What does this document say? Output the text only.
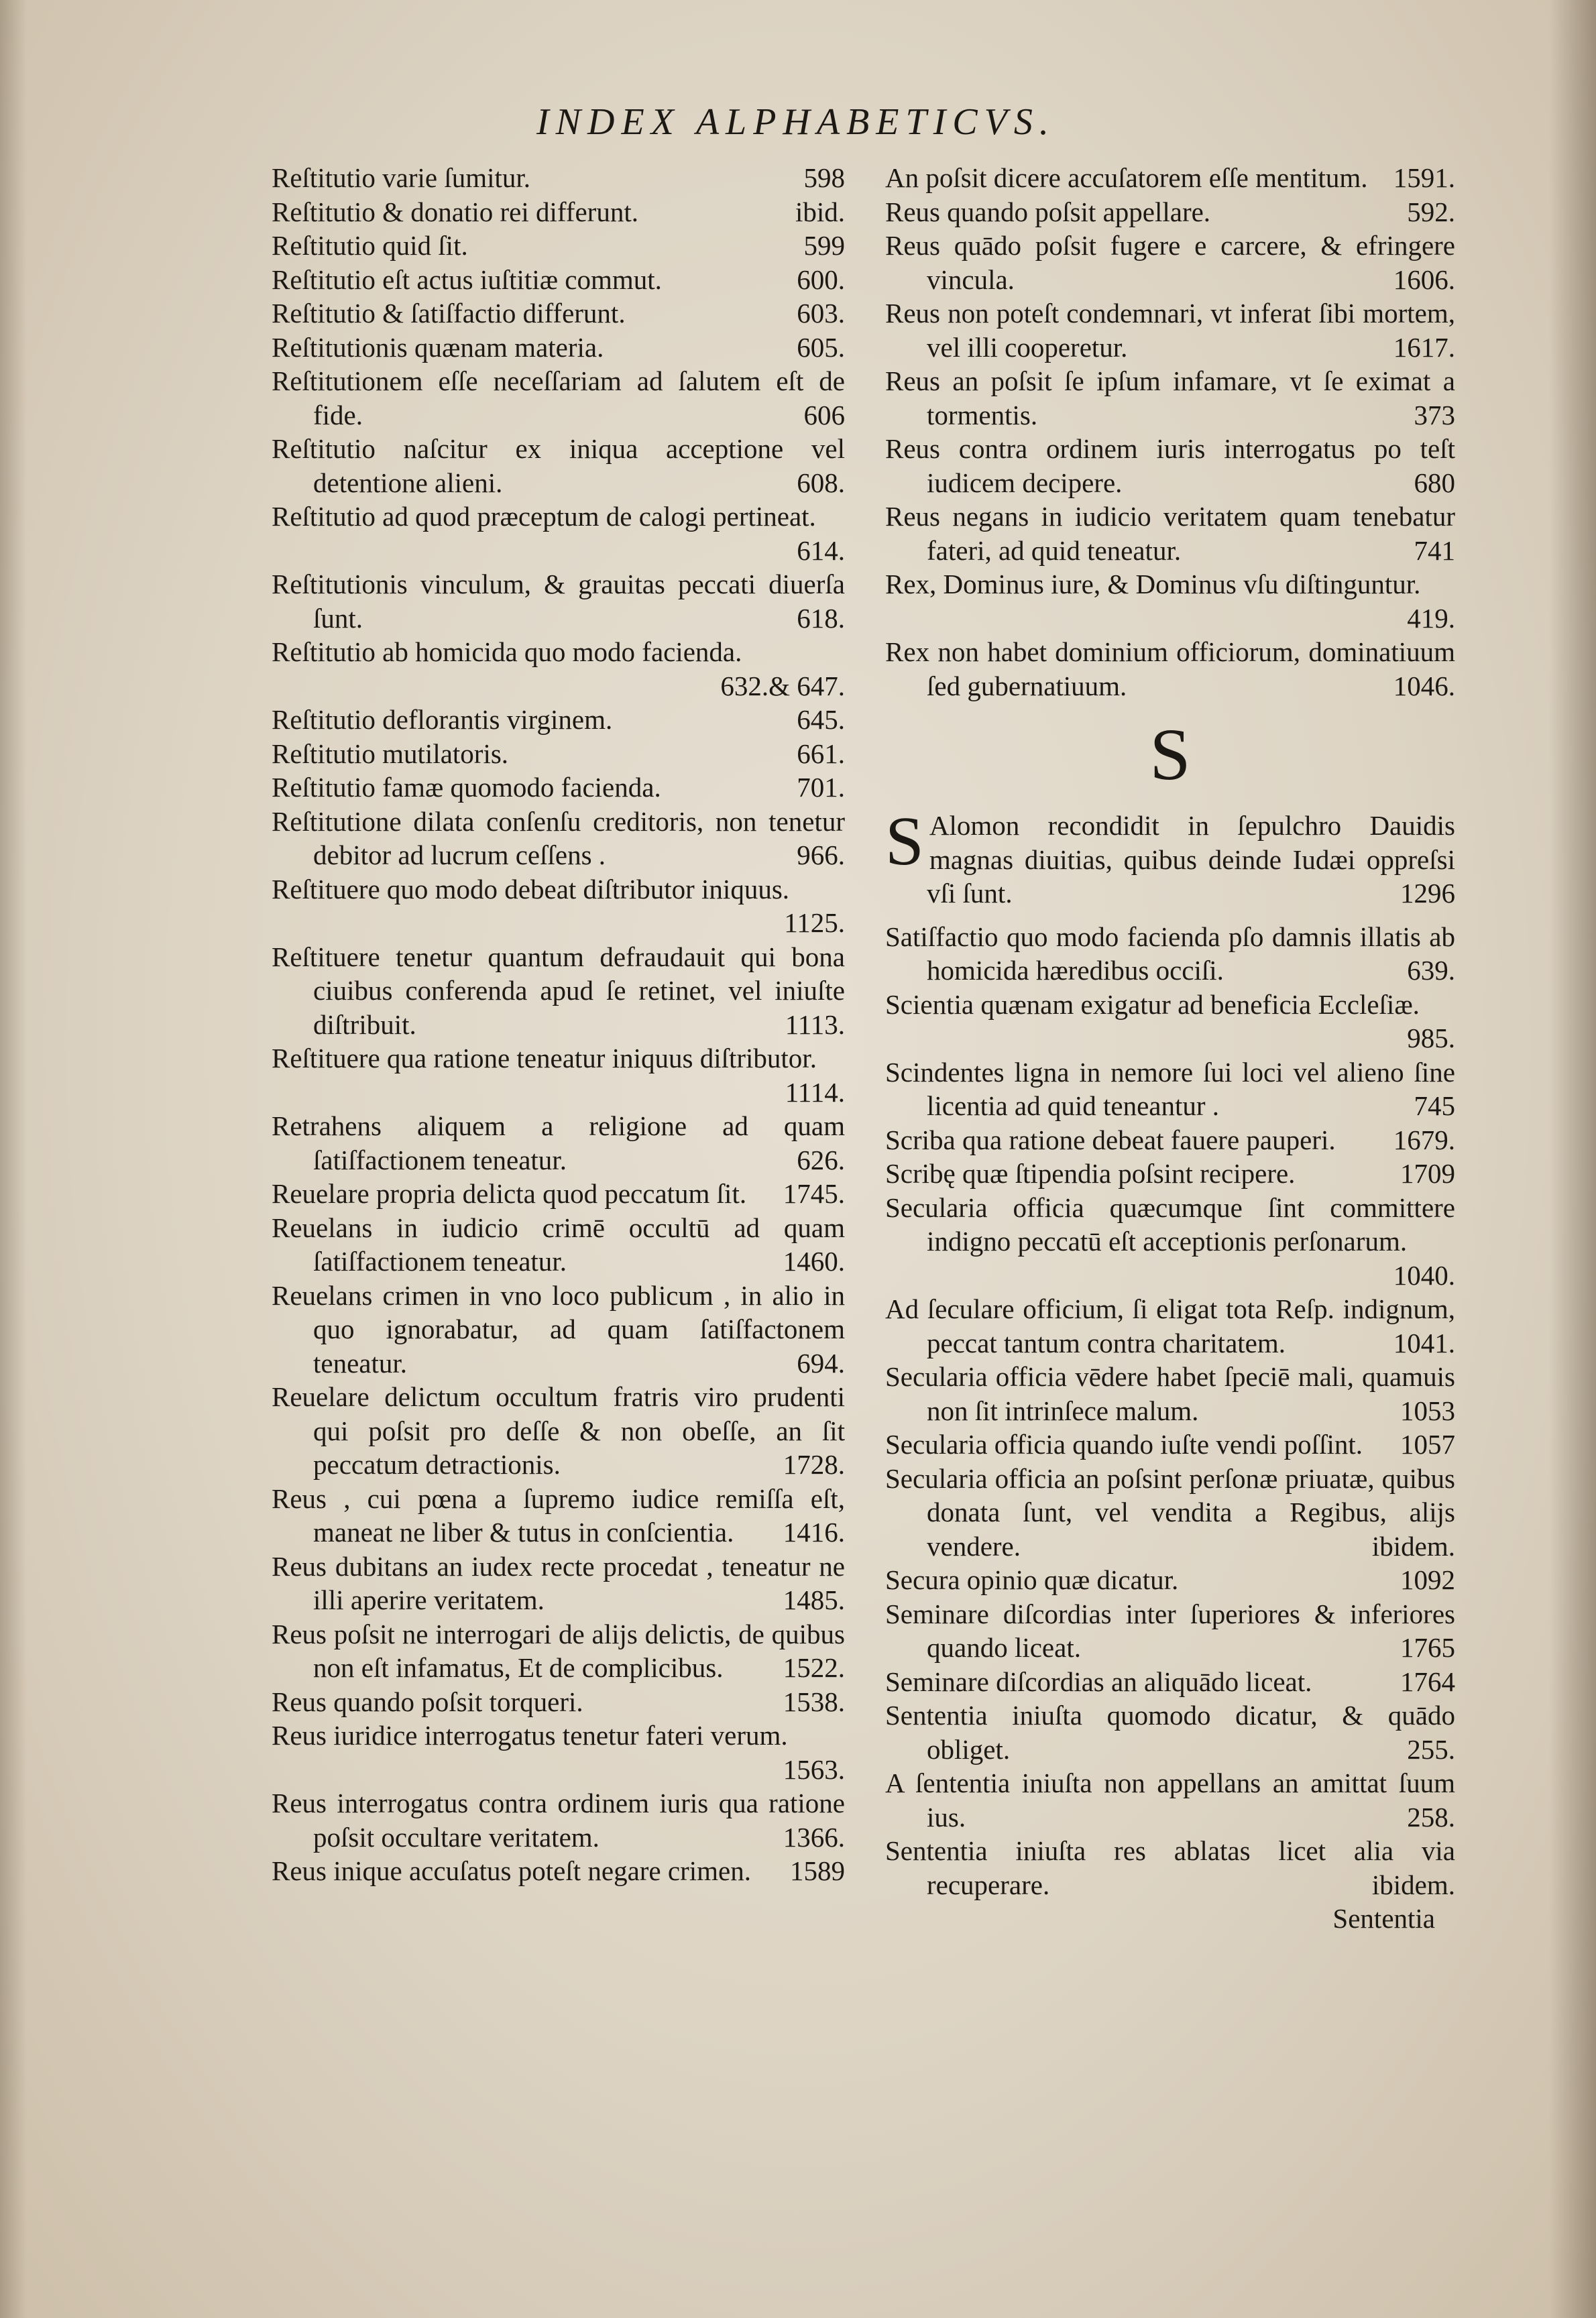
INDEX ALPHABETICVS.
Reſtitutio varie ſumitur.	598
Reſtitutio & donatio rei differunt.	ibid.
Reſtitutio quid ſit.	599
Reſtitutio eſt actus iuſtitiæ commut.	600.
Reſtitutio & ſatiſfactio differunt.	603.
Reſtitutionis quænam materia.	605.
Reſtitutionem eſſe neceſſariam ad ſalutem eſt de fide.	606
Reſtitutio naſcitur ex iniqua acceptione vel detentione alieni.	608.
Reſtitutio ad quod præceptum de calogi pertineat.
614.
Reſtitutionis vinculum, & grauitas peccati diuerſa ſunt.	618.
Reſtitutio ab homicida quo modo facienda.
632.& 647.
Reſtitutio deflorantis virginem.	645.
Reſtitutio mutilatoris.	661.
Reſtitutio famæ quomodo facienda.	701.
Reſtitutione dilata conſenſu creditoris, non tenetur debitor ad lucrum ceſſens .	966.
Reſtituere quo modo debeat diſtributor iniquus.
1125.
Reſtituere tenetur quantum defraudauit qui bona ciuibus conferenda apud ſe retinet, vel iniuſte diſtribuit.	1113.
Reſtituere qua ratione teneatur iniquus diſtributor.
1114.
Retrahens aliquem a religione ad quam ſatiſfactionem teneatur.	626.
Reuelare propria delicta quod peccatum ſit.	1745.
Reuelans in iudicio crimē occultū ad quam ſatiſfactionem teneatur.	1460.
Reuelans crimen in vno loco publicum , in alio in quo ignorabatur, ad quam ſatiſfactonem teneatur.	694.
Reuelare delictum occultum fratris viro prudenti qui poſsit pro deſſe & non obeſſe, an ſit peccatum detractionis.	1728.
Reus , cui pœna a ſupremo iudice remiſſa eſt, maneat ne liber & tutus in conſcientia.	1416.
Reus dubitans an iudex recte procedat , teneatur ne illi aperire veritatem.	1485.
Reus poſsit ne interrogari de alijs delictis, de quibus non eſt infamatus, Et de complicibus.	1522.
Reus quando poſsit torqueri.	1538.
Reus iuridice interrogatus tenetur fateri verum.
1563.
Reus interrogatus contra ordinem iuris qua ratione poſsit occultare veritatem.	1366.
Reus inique accuſatus poteſt negare crimen.	1589
An poſsit dicere accuſatorem eſſe mentitum. 1591.
Reus quando poſsit appellare.	592.
Reus quādo poſsit fugere e carcere, & efringere vincula.	1606.
Reus non poteſt condemnari, vt inferat ſibi mortem, vel illi cooperetur.	1617.
Reus an poſsit ſe ipſum infamare, vt ſe eximat a tormentis.	373
Reus contra ordinem iuris interrogatus po teſt iudicem decipere.	680
Reus negans in iudicio veritatem quam tenebatur fateri, ad quid teneatur.	741
Rex, Dominus iure, & Dominus vſu diſtinguntur.
419.
Rex non habet dominium officiorum, dominatiuum ſed gubernatiuum.	1046.
S
S Alomon recondidit in ſepulchro Dauidis magnas diuitias, quibus deinde Iudæi oppreſsi vſi ſunt.	1296
Satiſfactio quo modo facienda pſo damnis illatis ab homicida hæredibus occiſi.	639.
Scientia quænam exigatur ad beneficia Eccleſiæ.
985.
Scindentes ligna in nemore ſui loci vel alieno ſine licentia ad quid teneantur .	745
Scriba qua ratione debeat fauere pauperi.	1679.
Scribę quæ ſtipendia poſsint recipere.	1709
Secularia officia quæcumque ſint committere indigno peccatū eſt acceptionis perſonarum.
1040.
Ad ſeculare officium, ſi eligat tota Reſp. indignum, peccat tantum contra charitatem.	1041.
Secularia officia vēdere habet ſpeciē mali, quamuis non ſit intrinſece malum.	1053
Secularia officia quando iuſte vendi poſſint.	1057
Secularia officia an poſsint perſonæ priuatæ, quibus donata ſunt, vel vendita a Regibus, alijs vendere.	ibidem.
Secura opinio quæ dicatur.	1092
Seminare diſcordias inter ſuperiores & inferiores quando liceat.	1765
Seminare diſcordias an aliquādo liceat.	1764
Sententia iniuſta quomodo dicatur, & quādo obliget.	255.
A ſententia iniuſta non appellans an amittat ſuum ius.	258.
Sententia iniuſta res ablatas licet alia via recuperare.	ibidem.
Sententia
